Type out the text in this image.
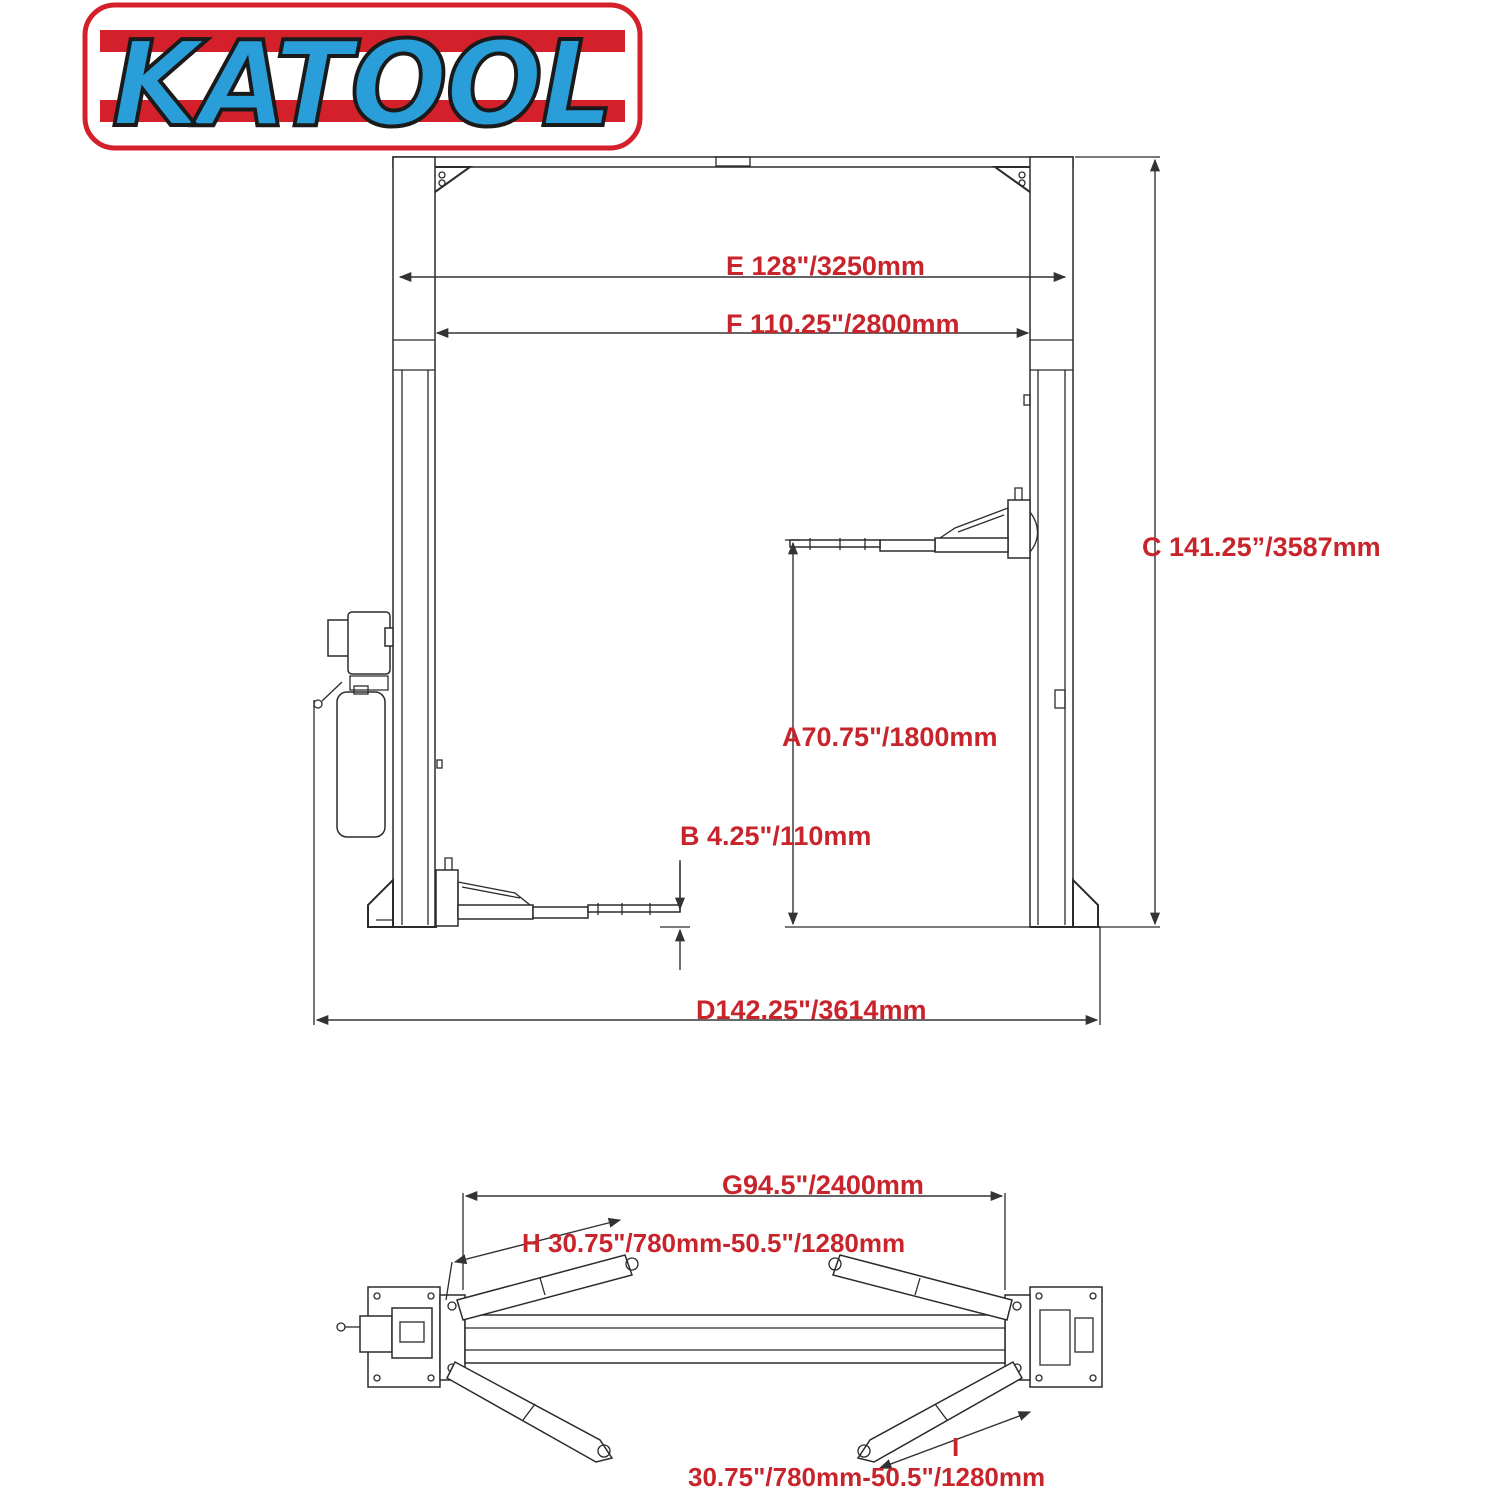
KATOOL
E 128"/3250mm
F 110.25"/2800mm
C 141.25”/3587mm
A70.75"/1800mm
B 4.25"/110mm
D142.25"/3614mm
G94.5"/2400mm
H 30.75"/780mm-50.5"/1280mm
I
30.75"/780mm-50.5"/1280mm
